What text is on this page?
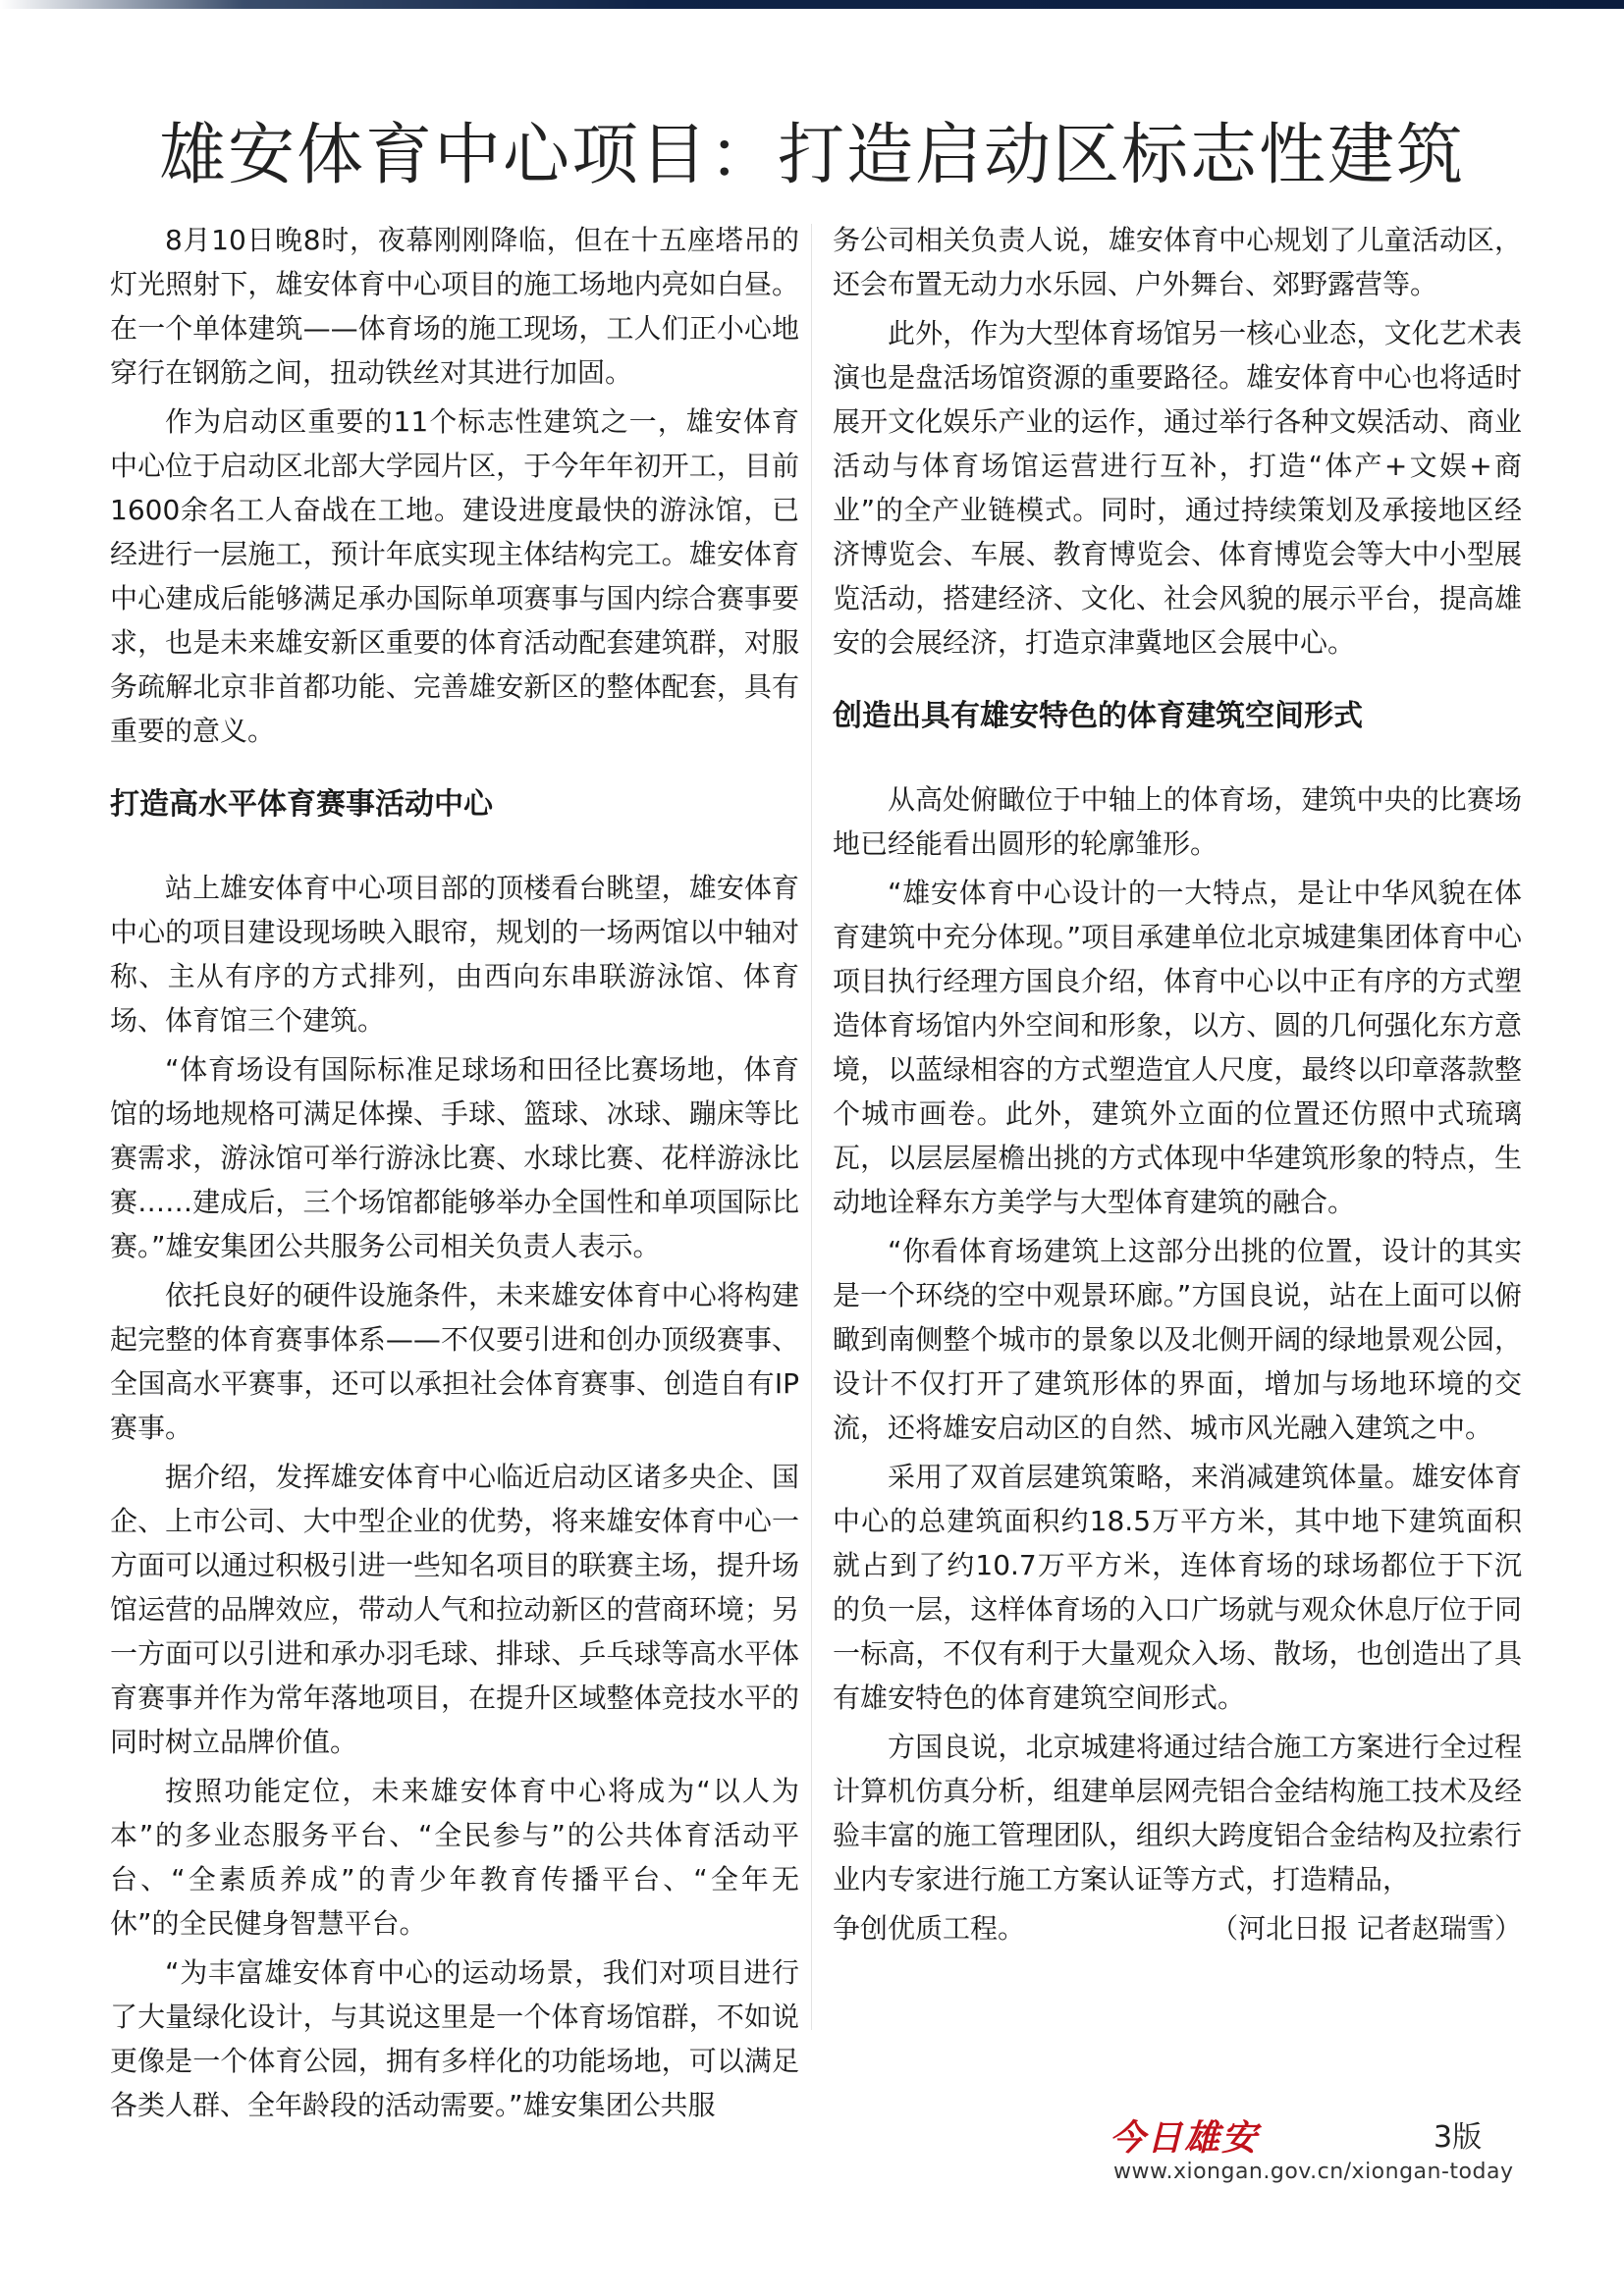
雄安体育中心项目：打造启动区标志性建筑

8月10日晚8时，夜幕刚刚降临，但在十五座塔吊的灯光照射下，雄安体育中心项目的施工场地内亮如白昼。在一个单体建筑——体育场的施工现场，工人们正小心地穿行在钢筋之间，扭动铁丝对其进行加固。

作为启动区重要的11个标志性建筑之一，雄安体育中心位于启动区北部大学园片区，于今年年初开工，目前1600余名工人奋战在工地。建设进度最快的游泳馆，已经进行一层施工，预计年底实现主体结构完工。雄安体育中心建成后能够满足承办国际单项赛事与国内综合赛事要求，也是未来雄安新区重要的体育活动配套建筑群，对服务疏解北京非首都功能、完善雄安新区的整体配套，具有重要的意义。

打造高水平体育赛事活动中心

站上雄安体育中心项目部的顶楼看台眺望，雄安体育中心的项目建设现场映入眼帘，规划的一场两馆以中轴对称、主从有序的方式排列，由西向东串联游泳馆、体育场、体育馆三个建筑。

“体育场设有国际标准足球场和田径比赛场地，体育馆的场地规格可满足体操、手球、篮球、冰球、蹦床等比赛需求，游泳馆可举行游泳比赛、水球比赛、花样游泳比赛……建成后，三个场馆都能够举办全国性和单项国际比赛。”雄安集团公共服务公司相关负责人表示。

依托良好的硬件设施条件，未来雄安体育中心将构建起完整的体育赛事体系——不仅要引进和创办顶级赛事、全国高水平赛事，还可以承担社会体育赛事、创造自有IP赛事。

据介绍，发挥雄安体育中心临近启动区诸多央企、国企、上市公司、大中型企业的优势，将来雄安体育中心一方面可以通过积极引进一些知名项目的联赛主场，提升场馆运营的品牌效应，带动人气和拉动新区的营商环境；另一方面可以引进和承办羽毛球、排球、乒乓球等高水平体育赛事并作为常年落地项目，在提升区域整体竞技水平的同时树立品牌价值。

按照功能定位，未来雄安体育中心将成为“以人为本”的多业态服务平台、“全民参与”的公共体育活动平台、“全素质养成”的青少年教育传播平台、“全年无休”的全民健身智慧平台。

“为丰富雄安体育中心的运动场景，我们对项目进行了大量绿化设计，与其说这里是一个体育场馆群，不如说更像是一个体育公园，拥有多样化的功能场地，可以满足各类人群、全年龄段的活动需要。”雄安集团公共服

务公司相关负责人说，雄安体育中心规划了儿童活动区，还会布置无动力水乐园、户外舞台、郊野露营等。

此外，作为大型体育场馆另一核心业态，文化艺术表演也是盘活场馆资源的重要路径。雄安体育中心也将适时展开文化娱乐产业的运作，通过举行各种文娱活动、商业活动与体育场馆运营进行互补，打造“体产+文娱+商业”的全产业链模式。同时，通过持续策划及承接地区经济博览会、车展、教育博览会、体育博览会等大中小型展览活动，搭建经济、文化、社会风貌的展示平台，提高雄安的会展经济，打造京津冀地区会展中心。

创造出具有雄安特色的体育建筑空间形式

从高处俯瞰位于中轴上的体育场，建筑中央的比赛场地已经能看出圆形的轮廓雏形。

“雄安体育中心设计的一大特点，是让中华风貌在体育建筑中充分体现。”项目承建单位北京城建集团体育中心项目执行经理方国良介绍，体育中心以中正有序的方式塑造体育场馆内外空间和形象，以方、圆的几何强化东方意境，以蓝绿相容的方式塑造宜人尺度，最终以印章落款整个城市画卷。此外，建筑外立面的位置还仿照中式琉璃瓦，以层层屋檐出挑的方式体现中华建筑形象的特点，生动地诠释东方美学与大型体育建筑的融合。

“你看体育场建筑上这部分出挑的位置，设计的其实是一个环绕的空中观景环廊。”方国良说，站在上面可以俯瞰到南侧整个城市的景象以及北侧开阔的绿地景观公园，设计不仅打开了建筑形体的界面，增加与场地环境的交流，还将雄安启动区的自然、城市风光融入建筑之中。

采用了双首层建筑策略，来消减建筑体量。雄安体育中心的总建筑面积约18.5万平方米，其中地下建筑面积就占到了约10.7万平方米，连体育场的球场都位于下沉的负一层，这样体育场的入口广场就与观众休息厅位于同一标高，不仅有利于大量观众入场、散场，也创造出了具有雄安特色的体育建筑空间形式。

方国良说，北京城建将通过结合施工方案进行全过程计算机仿真分析，组建单层网壳铝合金结构施工技术及经验丰富的施工管理团队，组织大跨度铝合金结构及拉索行业内专家进行施工方案认证等方式，打造精品，

争创优质工程。	（河北日报 记者赵瑞雪）
今日雄安	3版
www.xiongan.gov.cn/xiongan-today
